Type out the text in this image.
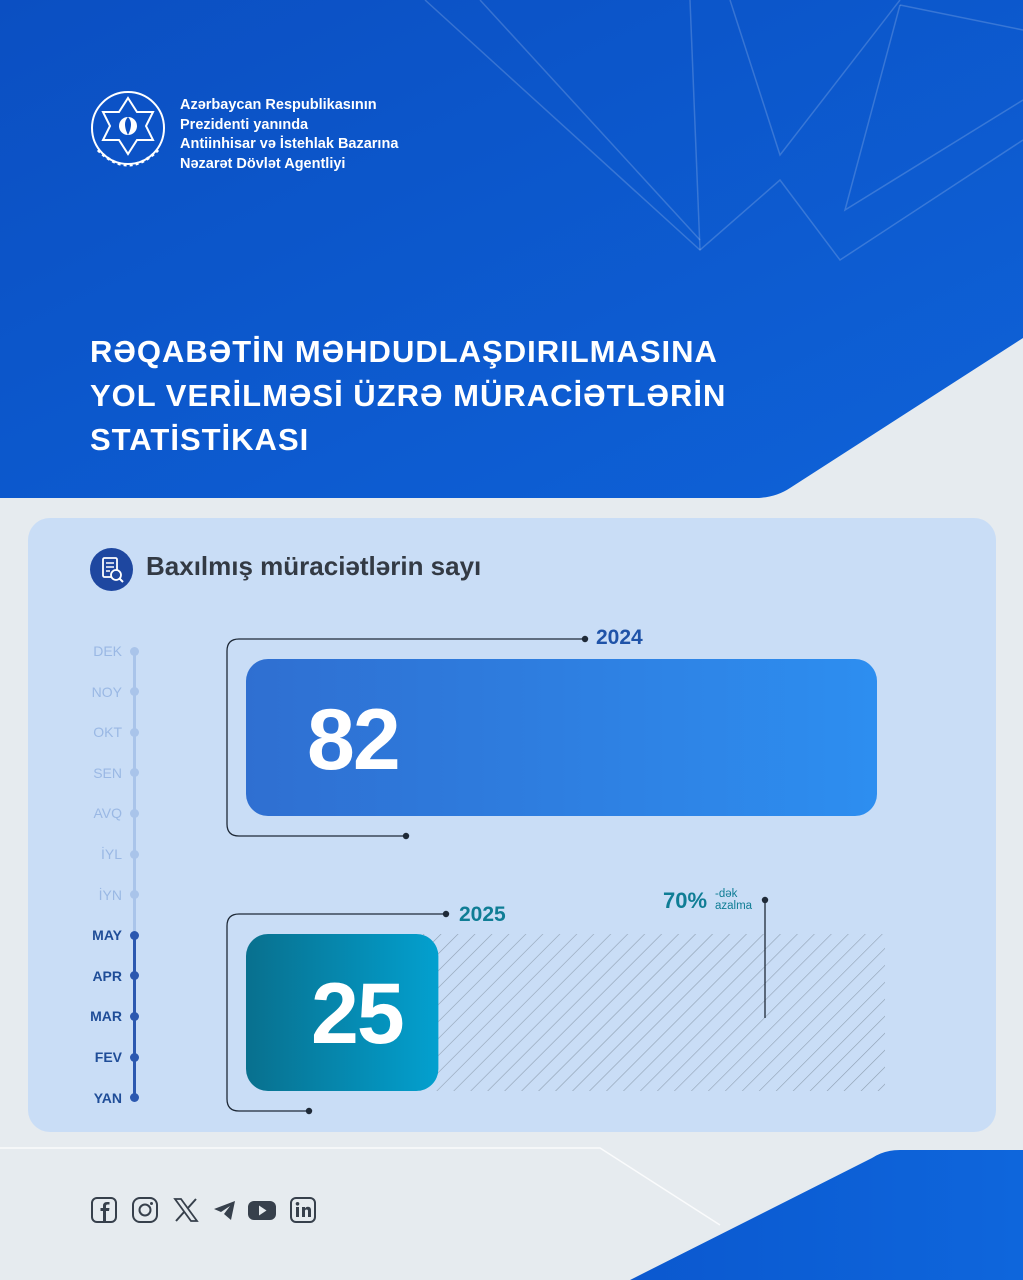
Azərbaycan Respublikasının
Prezidenti yanında
Antiinhisar və İstehlak Bazarına
Nəzarət Dövlət Agentliyi
RƏQABƏTİN MƏHDUDLAŞDIRILMASINA
YOL VERİLMƏSİ ÜZRƏ MÜRACİƏTLƏRİN
STATİSTİKASI
Baxılmış müraciətlərin sayı
DEK
NOY
OKT
SEN
AVQ
İYL
İYN
MAY
APR
MAR
FEV
YAN
82
25
2024
2025
70% -dək
azalma
